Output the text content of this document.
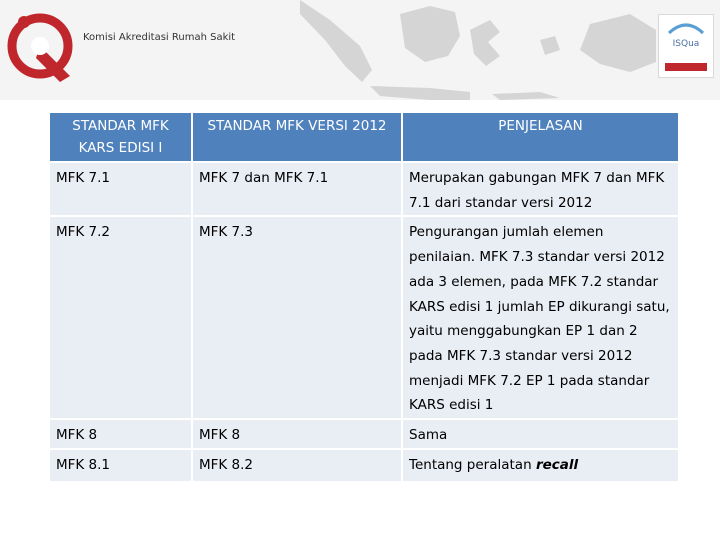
Komisi Akreditasi Rumah Sakit
ISQua
STANDAR MFK KARS EDISI I	STANDAR MFK VERSI 2012	PENJELASAN
MFK 7.1	MFK 7 dan MFK 7.1	Merupakan gabungan MFK 7 dan MFK 7.1 dari standar versi 2012
MFK 7.2	MFK 7.3	Pengurangan jumlah elemen penilaian. MFK 7.3 standar versi 2012 ada 3 elemen, pada MFK 7.2 standar KARS edisi 1 jumlah EP dikurangi satu, yaitu menggabungkan EP 1 dan 2 pada MFK 7.3 standar versi 2012 menjadi MFK 7.2 EP 1 pada standar KARS edisi 1
MFK 8	MFK 8	Sama
MFK 8.1	MFK 8.2	Tentang peralatan recall
